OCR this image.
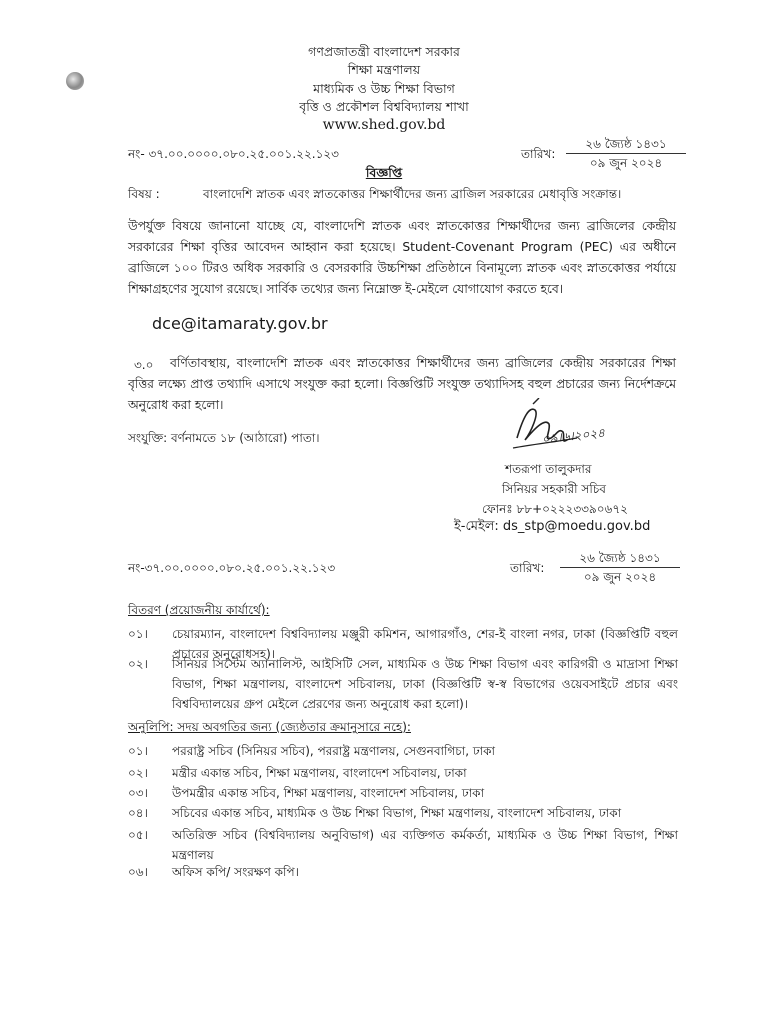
গণপ্রজাতন্ত্রী বাংলাদেশ সরকার
শিক্ষা মন্ত্রণালয়
মাধ্যমিক ও উচ্চ শিক্ষা বিভাগ
বৃত্তি ও প্রকৌশল বিশ্ববিদ্যালয় শাখা
www.shed.gov.bd
নং- ৩৭.০০.০০০০.০৮০.২৫.০০১.২২.১২৩	তারিখ:
২৬ জ্যৈষ্ঠ ১৪৩১
০৯ জুন ২০২৪
বিজ্ঞপ্তি
বিষয় :	বাংলাদেশি স্নাতক এবং স্নাতকোত্তর শিক্ষার্থীদের জন্য ব্রাজিল সরকারের মেধাবৃত্তি সংক্রান্ত।
উপর্যুক্ত বিষয়ে জানানো যাচ্ছে যে, বাংলাদেশি স্নাতক এবং স্নাতকোত্তর শিক্ষার্থীদের জন্য ব্রাজিলের কেন্দ্রীয় সরকারের শিক্ষা বৃত্তির আবেদন আহ্বান করা হয়েছে। Student-Covenant Program (PEC) এর অধীনে ব্রাজিলে ১০০ টিরও অধিক সরকারি ও বেসরকারি উচ্চশিক্ষা প্রতিষ্ঠানে বিনামূল্যে স্নাতক এবং স্নাতকোত্তর পর্যায়ে শিক্ষাগ্রহণের সুযোগ রয়েছে। সার্বিক তথ্যের জন্য নিম্নোক্ত ই-মেইলে যোগাযোগ করতে হবে।
dce@itamaraty.gov.br
৩.০	বর্ণিতাবস্থায়, বাংলাদেশি স্নাতক এবং স্নাতকোত্তর শিক্ষার্থীদের জন্য ব্রাজিলের কেন্দ্রীয় সরকারের শিক্ষা বৃত্তির লক্ষ্যে প্রাপ্ত তথ্যাদি এসাথে সংযুক্ত করা হলো। বিজ্ঞপ্তিটি সংযুক্ত তথ্যাদিসহ বহুল প্রচারের জন্য নির্দেশক্রমে অনুরোধ করা হলো।
সংযুক্তি: বর্ণনামতে ১৮ (আঠারো) পাতা।	০৯।৬।২০২৪
শতরূপা তালুকদার
সিনিয়র সহকারী সচিব
ফোনঃ ৮৮+০২২২৩৩৯০৬৭২
ই-মেইল: ds_stp@moedu.gov.bd
নং-৩৭.০০.০০০০.০৮০.২৫.০০১.২২.১২৩	তারিখ:
২৬ জ্যৈষ্ঠ ১৪৩১
০৯ জুন ২০২৪
বিতরণ (প্রয়োজনীয় কার্যার্থে):
০১। চেয়ারম্যান, বাংলাদেশ বিশ্ববিদ্যালয় মঞ্জুরী কমিশন, আগারগাঁও, শের-ই বাংলা নগর, ঢাকা (বিজ্ঞপ্তিটি বহুল প্রচারের অনুরোধসহ)।
০২। সিনিয়র সিস্টেম অ্যানালিস্ট, আইসিটি সেল, মাধ্যমিক ও উচ্চ শিক্ষা বিভাগ এবং কারিগরী ও মাদ্রাসা শিক্ষা বিভাগ, শিক্ষা মন্ত্রণালয়, বাংলাদেশ সচিবালয়, ঢাকা (বিজ্ঞপ্তিটি স্ব-স্ব বিভাগের ওয়েবসাইটে প্রচার এবং বিশ্ববিদ্যালয়ের গ্রুপ মেইলে প্রেরণের জন্য অনুরোধ করা হলো)।
অনুলিপি: সদয় অবগতির জন্য (জ্যেষ্ঠতার ক্রমানুসারে নহে):
০১। পররাষ্ট্র সচিব (সিনিয়র সচিব), পররাষ্ট্র মন্ত্রণালয়, সেগুনবাগিচা, ঢাকা
০২। মন্ত্রীর একান্ত সচিব, শিক্ষা মন্ত্রণালয়, বাংলাদেশ সচিবালয়, ঢাকা
০৩। উপমন্ত্রীর একান্ত সচিব, শিক্ষা মন্ত্রণালয়, বাংলাদেশ সচিবালয়, ঢাকা
০৪। সচিবের একান্ত সচিব, মাধ্যমিক ও উচ্চ শিক্ষা বিভাগ, শিক্ষা মন্ত্রণালয়, বাংলাদেশ সচিবালয়, ঢাকা
০৫। অতিরিক্ত সচিব (বিশ্ববিদ্যালয় অনুবিভাগ) এর ব্যক্তিগত কর্মকর্তা, মাধ্যমিক ও উচ্চ শিক্ষা বিভাগ, শিক্ষা মন্ত্রণালয়
০৬। অফিস কপি/ সংরক্ষণ কপি।
